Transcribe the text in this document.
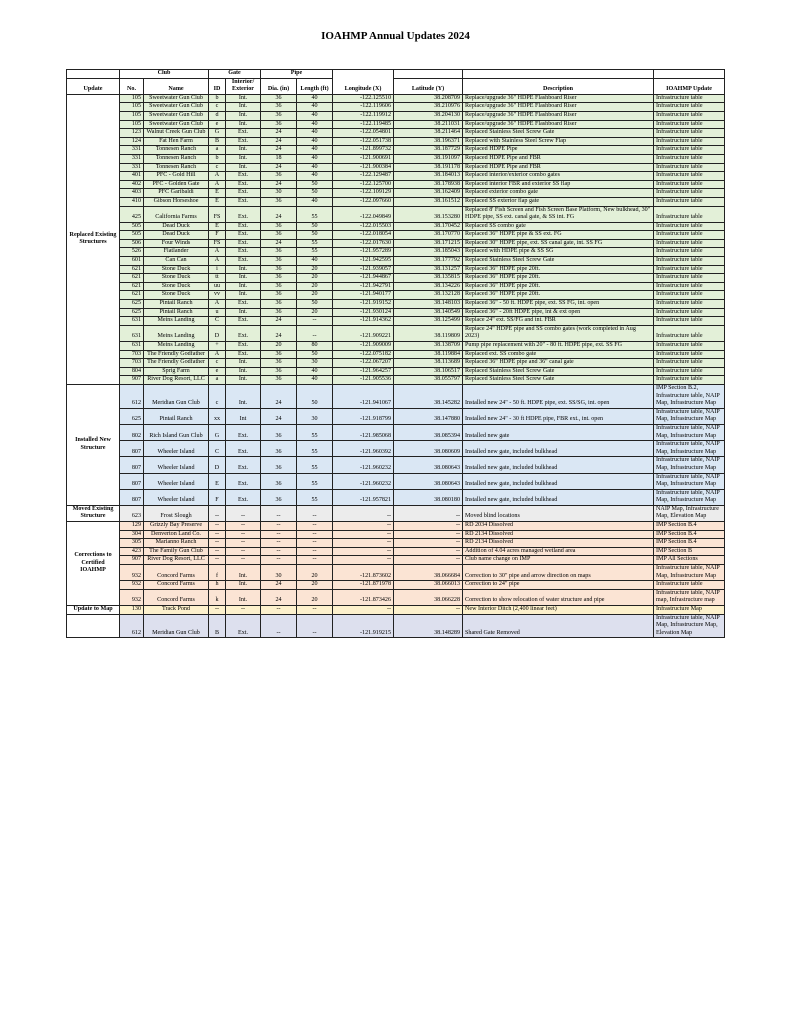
IOAHMP Annual Updates 2024
	Club		Gate		Pipe		Longitude (X)			
Update	No.	Name	ID	Interior/ Exterior	Dia. (in)	Length (ft)		Latitude (Y)	Description	IOAHMP Update
Replaced Existing Structures	105	Sweetwater Gun Club	b	Int.	36	40	-122.125510	38.208709	Replace/upgrade 36" HDPE Flashboard Riser	Infrastructure table
	105	Sweetwater Gun Club	c	Int.	36	40	-122.119606	38.210976	Replace/upgrade 36" HDPE Flashboard Riser	Infrastructure table
	105	Sweetwater Gun Club	d	Int.	36	40	-122.119912	38.204130	Replace/upgrade 36" HDPE Flashboard Riser	Infrastructure table
	105	Sweetwater Gun Club	e	Int.	36	40	-122.119485	38.211031	Replace/upgrade 36" HDPE Flashboard Riser	Infrastructure table
	123	Walnut Creek Gun Club	G	Ext.	24	40	-122.054801	38.211464	Replaced Stainless Steel Screw Gate	Infrastructure table
	124	Fat Hen Farm	B	Ext.	24	40	-122.051738	38.196371	Replaced with Stainless Steel Screw Flap	Infrastructure table
	331	Tonnesen Ranch	a	Int.	24	40	-121.899732	38.187729	Replaced HDPE Pipe	Infrastructure table
	331	Tonnesen Ranch	b	Int.	18	40	-121.900691	38.191097	Replaced HDPE Pipe and FBR	Infrastructure table
	331	Tonnesen Ranch	c	Int.	24	40	-121.900384	38.191178	Replaced HDPE Pipe and FBR	Infrastructure table
	401	PFC - Gold Hill	A	Ext.	36	40	-122.129487	38.184013	Replaced interior/exterior combo gates	Infrastructure table
	402	PFC - Golden Gate	A	Ext.	24	50	-122.125700	38.178938	Replaced interior FBR and exterior SS flap	Infrastructure table
	403	PFC Garibaldi	E	Ext.	30	50	-122.109129	38.162409	Replaced exterior combo gate	Infrastructure table
	410	Gibson Horseshoe	E	Ext.	36	40	-122.097660	38.161512	Replaced SS exterior flap gate	Infrastructure table
	425	California Farms	FS	Ext.	24	55	-122.049849	38.153280	Replaced 8' Fish Screen and Fish Screen Base Platform, New bulkhead, 30" HDPE pipe, SS ext. canal gate, & SS int. FG	Infrastructure table
	505	Dead Duck	E	Ext.	36	50	-122.015503	38.170452	Replaced SS combo gate	Infrastructure table
	505	Dead Duck	F	Ext.	36	50	-122.018054	38.170770	Replaced 36" HDPE pipe & SS ext. FG	Infrastructure table
	506	Four Winds	FS	Ext.	24	55	-122.017630	38.171215	Replaced 30" HDPE pipe, ext. SS canal gate, int. SS FG	Infrastructure table
	526	Flatlander	A	Ext.	36	55	-121.957289	38.185043	Replaced with HDPE pipe & SS SG	Infrastructure table
	601	Can Can	A	Ext.	36	40	-121.942595	38.177792	Replaced Stainless Steel Screw Gate	Infrastructure table
	621	Stone Duck	i	Int.	36	20	-121.939057	38.131257	Replaced 36" HDPE pipe 20ft.	Infrastructure table
	621	Stone Duck	tt	Int.	36	20	-121.944867	38.135815	Replaced 36" HDPE pipe 20ft.	Infrastructure table
	621	Stone Duck	uu	Int.	36	20	-121.942791	38.134226	Replaced 36" HDPE pipe 20ft.	Infrastructure table
	621	Stone Duck	vv	Int.	36	20	-121.940177	38.132128	Replaced 36" HDPE pipe 20ft.	Infrastructure table
	625	Pintail Ranch	A	Ext.	36	50	-121.919152	38.148103	Replaced 36" - 50 ft. HDPE pipe, ext. SS FG, int. open	Infrastructure table
	625	Pintail Ranch	u	Int.	36	20	-121.930124	38.140549	Replaced 36" - 20ft HDPE pipe, int & ext open	Infrastructure table
	631	Meins Landing	C	Ext.	24	--	-121.914362	38.125499	Replace 24" ext. SS/FG and int. FBR	Infrastructure table
	631	Meins Landing	D	Ext.	24	--	-121.909221	38.119809	Replace 24" HDPE pipe and SS combo gates (work completed in Aug 2023)	Infrastructure table
	631	Meins Landing	+	Ext.	20	80	-121.909009	38.138709	Pump pipe replacement with 20" - 80 ft. HDPE pipe, ext. SS FG	Infrastructure table
	703	The Friendly Godfather	A	Ext.	36	50	-122.075182	38.119884	Replaced ext. SS combo gate	Infrastructure table
	703	The Friendly Godfather	c	Int.	36	30	-122.067207	38.113689	Replaced 36" HDPE pipe and 36" canal gate	Infrastructure table
	804	Sprig Farm	e	Int.	36	40	-121.964257	38.106517	Replaced Stainless Steel Screw Gate	Infrastructure table
	907	River Dog Resort, LLC	a	Int.	36	40	-121.905536	38.055797	Replaced Stainless Steel Screw Gate	Infrastructure table
Installed New Structure	612	Meridian Gun Club	c	Int.	24	50	-121.941067	38.145282	Installed new 24" - 50 ft. HDPE pipe, ext. SS/SG, int. open	IMP Section B.2, Infrastructure table, NAIP Map, Infrastructure Map
	625	Pintail Ranch	xx	Int	24	30	-121.918799	38.147880	Installed new 24" - 30 ft HDPE pipe, FBR ext., int. open	Infrastructure table, NAIP Map, Infrastructure Map
	802	Rich Island Gun Club	G	Ext.	36	55	-121.985068	38.085394	Installed new gate	Infrastructure table, NAIP Map, Infrastructure Map
	807	Wheeler Island	C	Ext.	36	55	-121.960392	38.080609	Installed new gate, included bulkhead	Infrastructure table, NAIP Map, Infrastructure Map
	807	Wheeler Island	D	Ext.	36	55	-121.960232	38.080643	Installed new gate, included bulkhead	Infrastructure table, NAIP Map, Infrastructure Map
	807	Wheeler Island	E	Ext.	36	55	-121.960232	38.080643	Installed new gate, included bulkhead	Infrastructure table, NAIP Map, Infrastructure Map
	807	Wheeler Island	F	Ext.	36	55	-121.957821	38.080180	Installed new gate, included bulkhead	Infrastructure table, NAIP Map, Infrastructure Map
Moved Existing Structure	623	Frost Slough	--	--	--	--	--	--	Moved blind locations	NAIP Map, Infrastructure Map, Elevation Map
Corrections to Certified IOAHMP	129	Grizzly Bay Preserve	--	--	--	--	--	--	RD 2034 Dissolved	IMP Section B.4
	304	Denverton Land Co.	--	--	--	--	--	--	RD 2134 Dissolved	IMP Section B.4
	305	Marianno Ranch	--	--	--	--	--	--	RD 2134 Dissolved	IMP Section B.4
	423	The Family Gun Club	--	--	--	--	--	--	Addition of 4.04 acres managed wetland area	IMP Section B
	907	River Dog Resort, LLC	--	--	--	--	--	--	Club name change on IMP	IMP All Sections
	932	Concord Farms	f	Int.	30	20	-121.873602	38.066684	Correction to 30" pipe and arrow direction on maps	Infrastructure table, NAIP Map, Infrastructure Map
	932	Concord Farms	h	Int.	24	20	-121.871978	38.066013	Correction to 24" pipe	Infrastructure table
	932	Concord Farms	k	Int.	24	20	-121.873426	38.066228	Correction to show relocation of water structure and pipe	Infrastructure table, NAIP map, Infrastructure map
Update to Map	130	Track Pond	--	--	--	--	--	--	New Interior Ditch (2,400 linear feet)	Infrastructure Map
	612	Meridian Gun Club	B	Ext.	--	--	-121.919215	38.148289	Shared Gate Removed	Infrastructure table, NAIP Map, Infrastructure Map, Elevation Map
